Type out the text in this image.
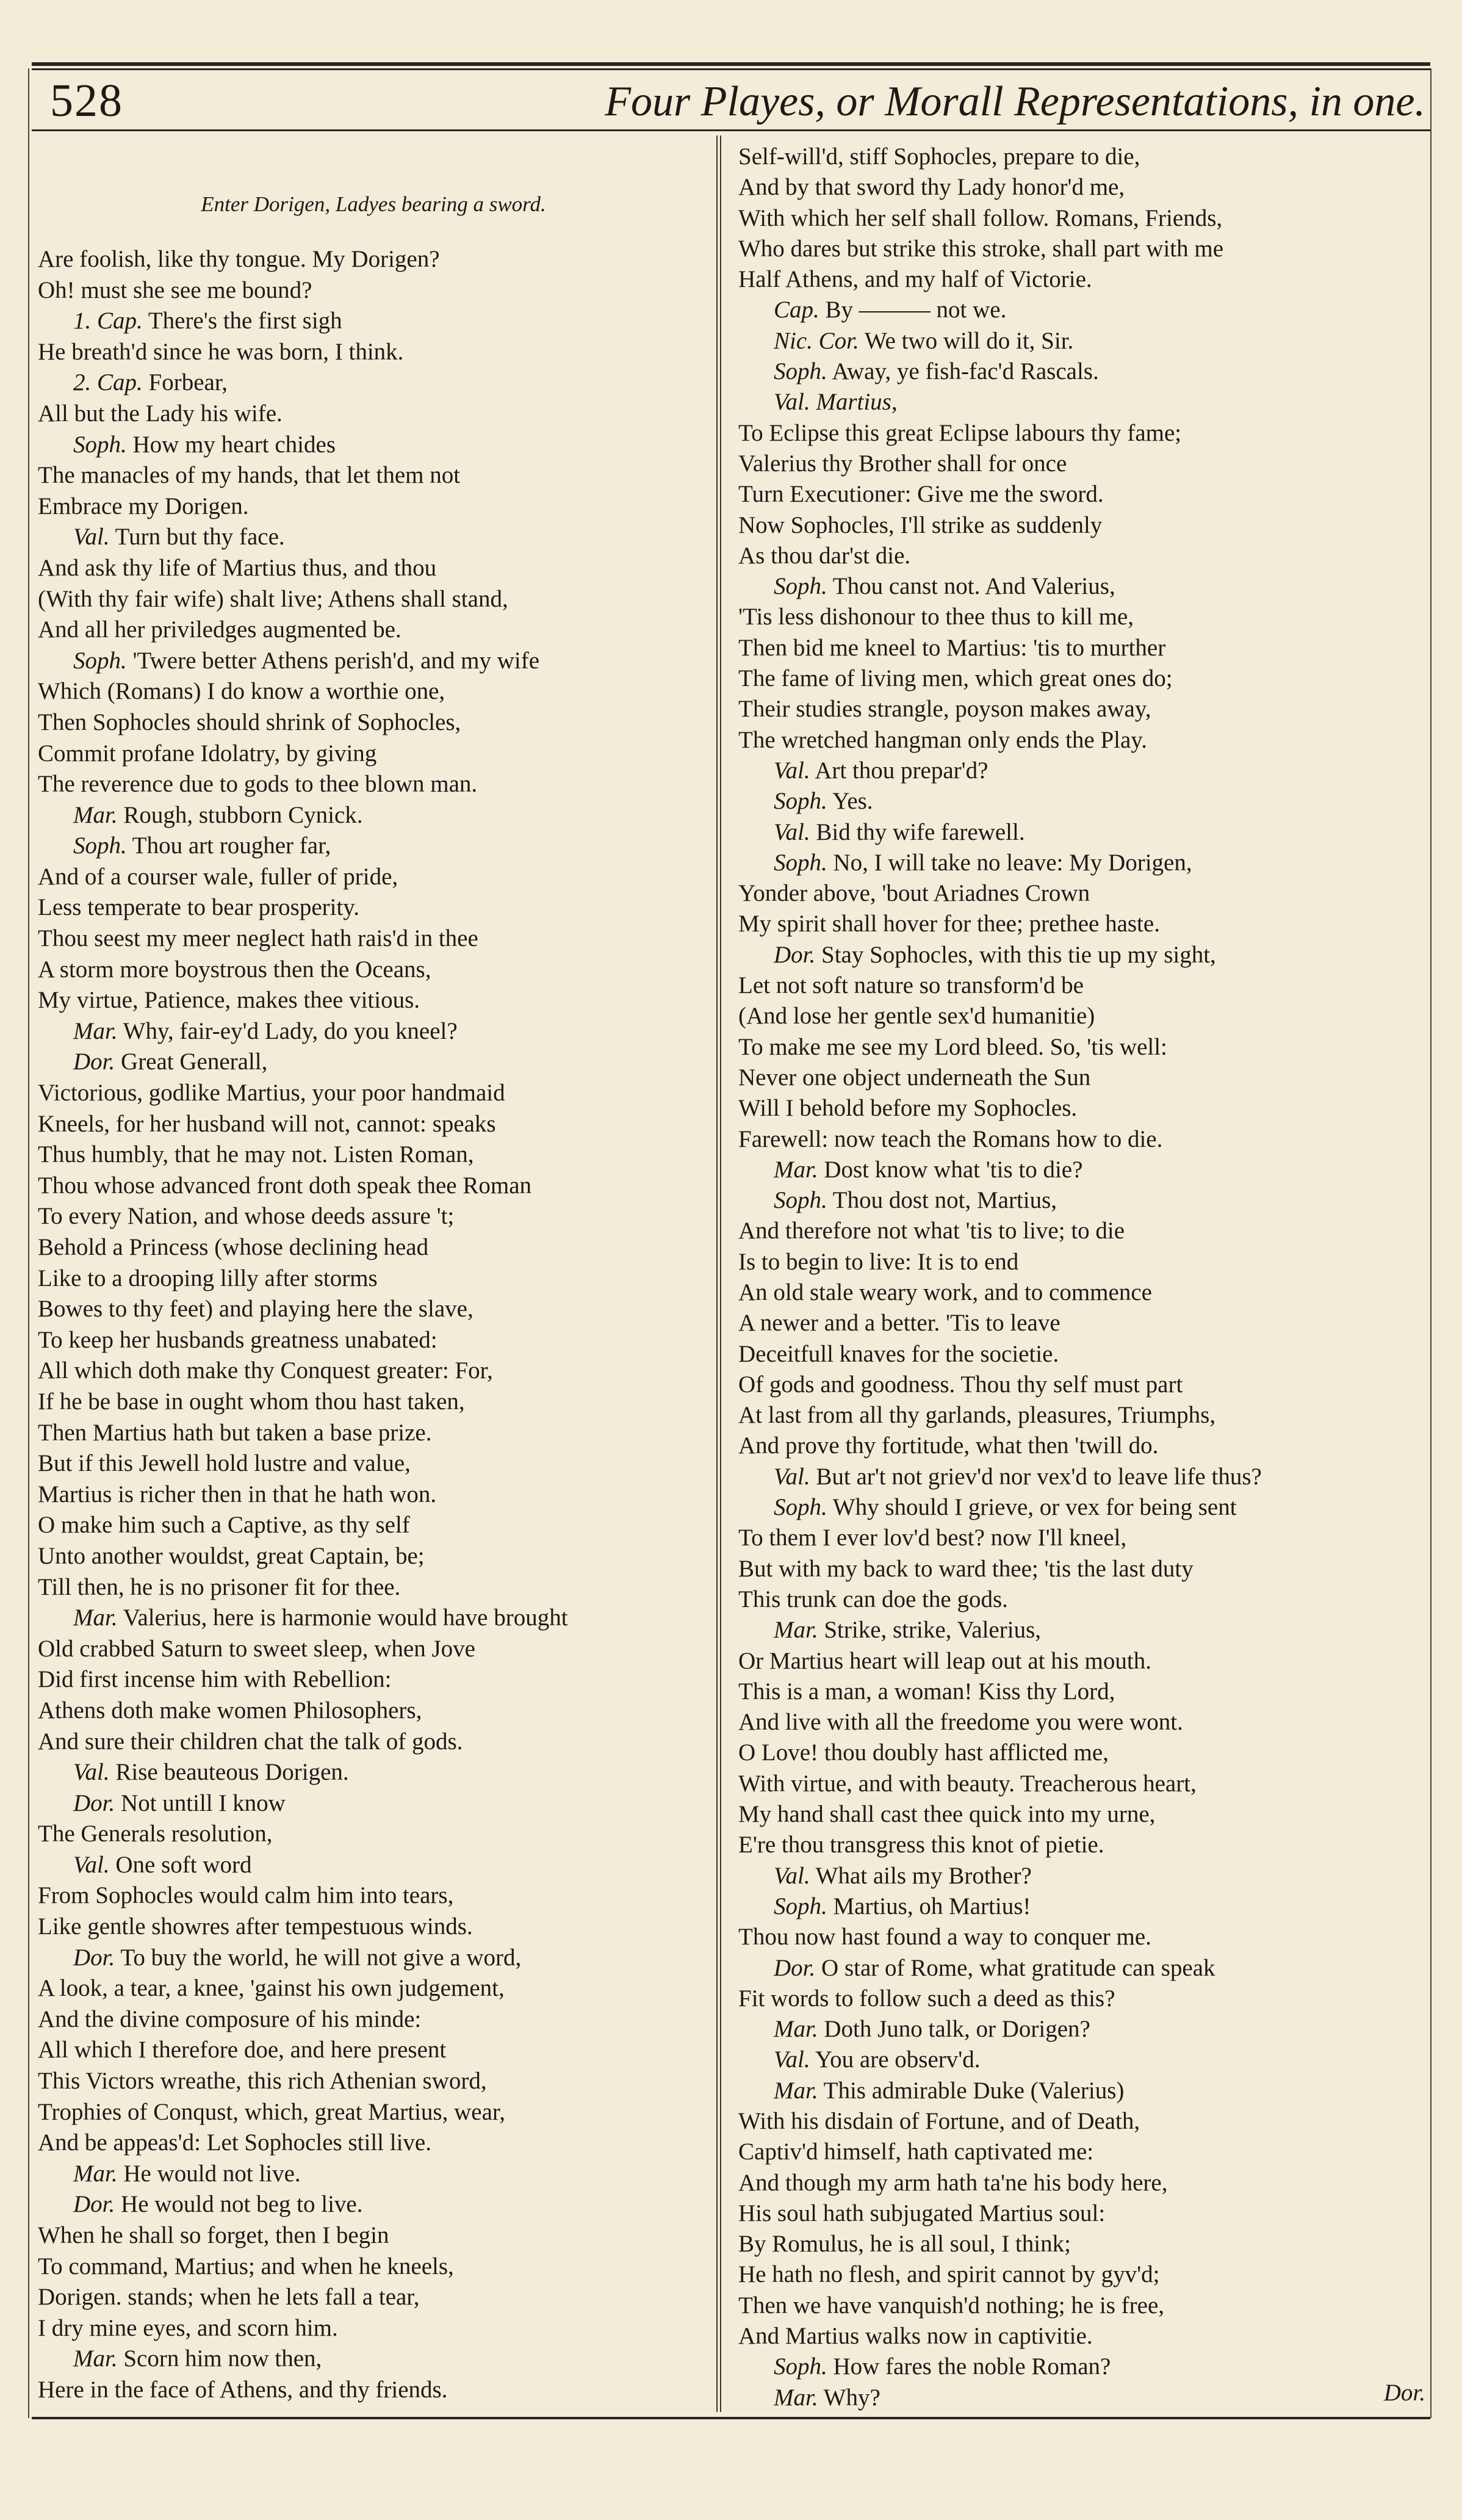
528	Four Playes, or Morall Representations, in one.
Enter Dorigen, Ladyes bearing a sword.
Are foolish, like thy tongue. My Dorigen?
Oh! must she see me bound?
1. Cap. There's the first sigh
He breath'd since he was born, I think.
2. Cap. Forbear,
All but the Lady his wife.
Soph. How my heart chides
The manacles of my hands, that let them not
Embrace my Dorigen.
Val. Turn but thy face.
And ask thy life of Martius thus, and thou
(With thy fair wife) shalt live; Athens shall stand,
And all her priviledges augmented be.
Soph. 'Twere better Athens perish'd, and my wife
Which (Romans) I do know a worthie one,
Then Sophocles should shrink of Sophocles,
Commit profane Idolatry, by giving
The reverence due to gods to thee blown man.
Mar. Rough, stubborn Cynick.
Soph. Thou art rougher far,
And of a courser wale, fuller of pride,
Less temperate to bear prosperity.
Thou seest my meer neglect hath rais'd in thee
A storm more boystrous then the Oceans,
My virtue, Patience, makes thee vitious.
Mar. Why, fair-ey'd Lady, do you kneel?
Dor. Great Generall,
Victorious, godlike Martius, your poor handmaid
Kneels, for her husband will not, cannot: speaks
Thus humbly, that he may not. Listen Roman,
Thou whose advanced front doth speak thee Roman
To every Nation, and whose deeds assure 't;
Behold a Princess (whose declining head
Like to a drooping lilly after storms
Bowes to thy feet) and playing here the slave,
To keep her husbands greatness unabated:
All which doth make thy Conquest greater: For,
If he be base in ought whom thou hast taken,
Then Martius hath but taken a base prize.
But if this Jewell hold lustre and value,
Martius is richer then in that he hath won.
O make him such a Captive, as thy self
Unto another wouldst, great Captain, be;
Till then, he is no prisoner fit for thee.
Mar. Valerius, here is harmonie would have brought
Old crabbed Saturn to sweet sleep, when Jove
Did first incense him with Rebellion:
Athens doth make women Philosophers,
And sure their children chat the talk of gods.
Val. Rise beauteous Dorigen.
Dor. Not untill I know
The Generals resolution,
Val. One soft word
From Sophocles would calm him into tears,
Like gentle showres after tempestuous winds.
Dor. To buy the world, he will not give a word,
A look, a tear, a knee, 'gainst his own judgement,
And the divine composure of his minde:
All which I therefore doe, and here present
This Victors wreathe, this rich Athenian sword,
Trophies of Conqust, which, great Martius, wear,
And be appeas'd: Let Sophocles still live.
Mar. He would not live.
Dor. He would not beg to live.
When he shall so forget, then I begin
To command, Martius; and when he kneels,
Dorigen. stands; when he lets fall a tear,
I dry mine eyes, and scorn him.
Mar. Scorn him now then,
Here in the face of Athens, and thy friends.
Self-will'd, stiff Sophocles, prepare to die,
And by that sword thy Lady honor'd me,
With which her self shall follow. Romans, Friends,
Who dares but strike this stroke, shall part with me
Half Athens, and my half of Victorie.
Cap. By ——— not we.
Nic. Cor. We two will do it, Sir.
Soph. Away, ye fish-fac'd Rascals.
Val. Martius,
To Eclipse this great Eclipse labours thy fame;
Valerius thy Brother shall for once
Turn Executioner: Give me the sword.
Now Sophocles, I'll strike as suddenly
As thou dar'st die.
Soph. Thou canst not. And Valerius,
'Tis less dishonour to thee thus to kill me,
Then bid me kneel to Martius: 'tis to murther
The fame of living men, which great ones do;
Their studies strangle, poyson makes away,
The wretched hangman only ends the Play.
Val. Art thou prepar'd?
Soph. Yes.
Val. Bid thy wife farewell.
Soph. No, I will take no leave: My Dorigen,
Yonder above, 'bout Ariadnes Crown
My spirit shall hover for thee; prethee haste.
Dor. Stay Sophocles, with this tie up my sight,
Let not soft nature so transform'd be
(And lose her gentle sex'd humanitie)
To make me see my Lord bleed. So, 'tis well:
Never one object underneath the Sun
Will I behold before my Sophocles.
Farewell: now teach the Romans how to die.
Mar. Dost know what 'tis to die?
Soph. Thou dost not, Martius,
And therefore not what 'tis to live; to die
Is to begin to live: It is to end
An old stale weary work, and to commence
A newer and a better. 'Tis to leave
Deceitfull knaves for the societie.
Of gods and goodness. Thou thy self must part
At last from all thy garlands, pleasures, Triumphs,
And prove thy fortitude, what then 'twill do.
Val. But ar't not griev'd nor vex'd to leave life thus?
Soph. Why should I grieve, or vex for being sent
To them I ever lov'd best? now I'll kneel,
But with my back to ward thee; 'tis the last duty
This trunk can doe the gods.
Mar. Strike, strike, Valerius,
Or Martius heart will leap out at his mouth.
This is a man, a woman! Kiss thy Lord,
And live with all the freedome you were wont.
O Love! thou doubly hast afflicted me,
With virtue, and with beauty. Treacherous heart,
My hand shall cast thee quick into my urne,
E're thou transgress this knot of pietie.
Val. What ails my Brother?
Soph. Martius, oh Martius!
Thou now hast found a way to conquer me.
Dor. O star of Rome, what gratitude can speak
Fit words to follow such a deed as this?
Mar. Doth Juno talk, or Dorigen?
Val. You are observ'd.
Mar. This admirable Duke (Valerius)
With his disdain of Fortune, and of Death,
Captiv'd himself, hath captivated me:
And though my arm hath ta'ne his body here,
His soul hath subjugated Martius soul:
By Romulus, he is all soul, I think;
He hath no flesh, and spirit cannot by gyv'd;
Then we have vanquish'd nothing; he is free,
And Martius walks now in captivitie.
Soph. How fares the noble Roman?
Mar. Why?	Dor.
